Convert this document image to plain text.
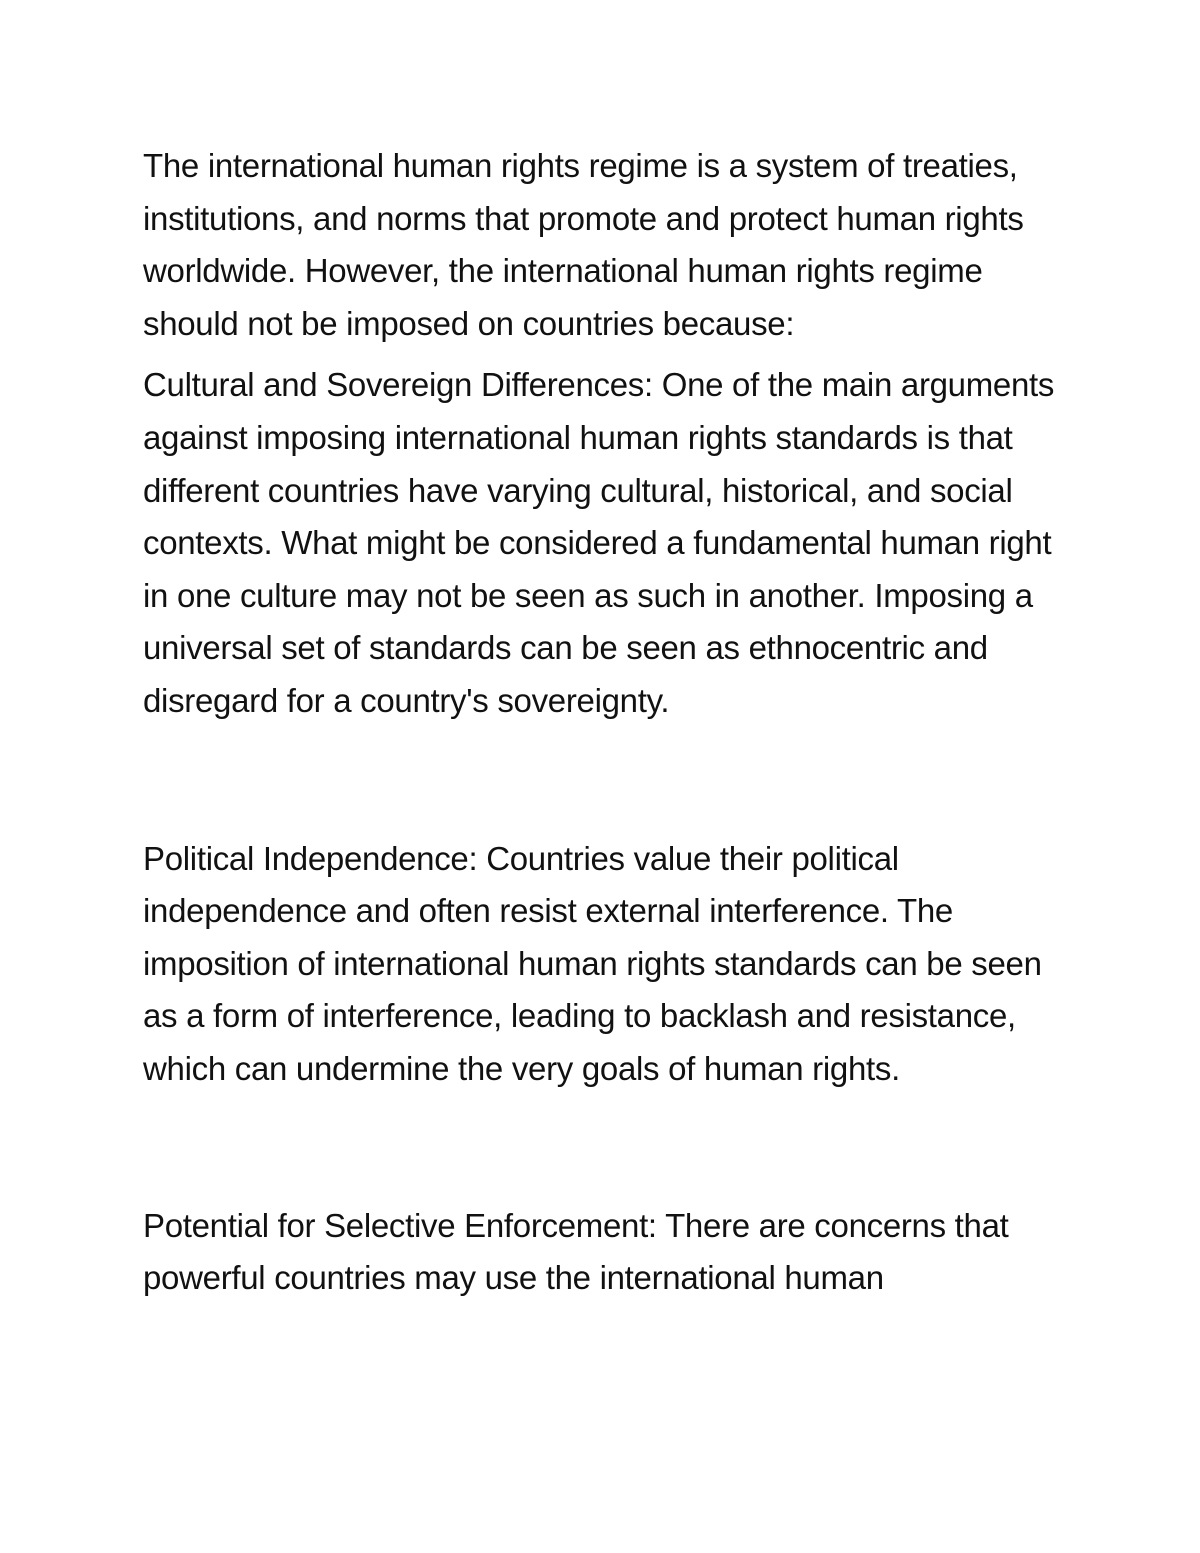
The international human rights regime is a system of treaties, institutions, and norms that promote and protect human rights worldwide. However, the international human rights regime should not be imposed on countries because:

Cultural and Sovereign Differences: One of the main arguments against imposing international human rights standards is that different countries have varying cultural, historical, and social contexts. What might be considered a fundamental human right in one culture may not be seen as such in another. Imposing a universal set of standards can be seen as ethnocentric and disregard for a country's sovereignty.

Political Independence: Countries value their political independence and often resist external interference. The imposition of international human rights standards can be seen as a form of interference, leading to backlash and resistance, which can undermine the very goals of human rights.

Potential for Selective Enforcement: There are concerns that powerful countries may use the international human
